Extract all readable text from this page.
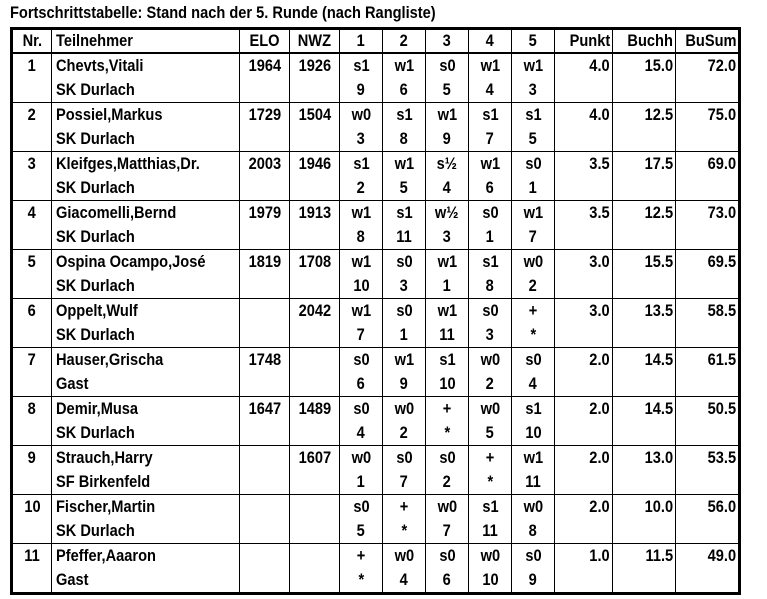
Fortschrittstabelle: Stand nach der 5. Runde (nach Rangliste)
Nr.	Teilnehmer	ELO	NWZ	1	2	3	4	5	Punkt	Buchh	BuSum
1	Chevts,Vitali	1964	1926	s1	w1	s0	w1	w1	4.0	15.0	72.0
	SK Durlach			9	6	5	4	3			
2	Possiel,Markus	1729	1504	w0	s1	w1	s1	s1	4.0	12.5	75.0
	SK Durlach			3	8	9	7	5			
3	Kleifges,Matthias,Dr.	2003	1946	s1	w1	s½	w1	s0	3.5	17.5	69.0
	SK Durlach			2	5	4	6	1			
4	Giacomelli,Bernd	1979	1913	w1	s1	w½	s0	w1	3.5	12.5	73.0
	SK Durlach			8	11	3	1	7			
5	Ospina Ocampo,José	1819	1708	w1	s0	w1	s1	w0	3.0	15.5	69.5
	SK Durlach			10	3	1	8	2			
6	Oppelt,Wulf		2042	w1	s0	w1	s0	+	3.0	13.5	58.5
	SK Durlach			7	1	11	3	*			
7	Hauser,Grischa	1748		s0	w1	s1	w0	s0	2.0	14.5	61.5
	Gast			6	9	10	2	4			
8	Demir,Musa	1647	1489	s0	w0	+	w0	s1	2.0	14.5	50.5
	SK Durlach			4	2	*	5	10			
9	Strauch,Harry		1607	w0	s0	s0	+	w1	2.0	13.0	53.5
	SF Birkenfeld			1	7	2	*	11			
10	Fischer,Martin			s0	+	w0	s1	w0	2.0	10.0	56.0
	SK Durlach			5	*	7	11	8			
11	Pfeffer,Aaaron			+	w0	s0	w0	s0	1.0	11.5	49.0
	Gast			*	4	6	10	9			
